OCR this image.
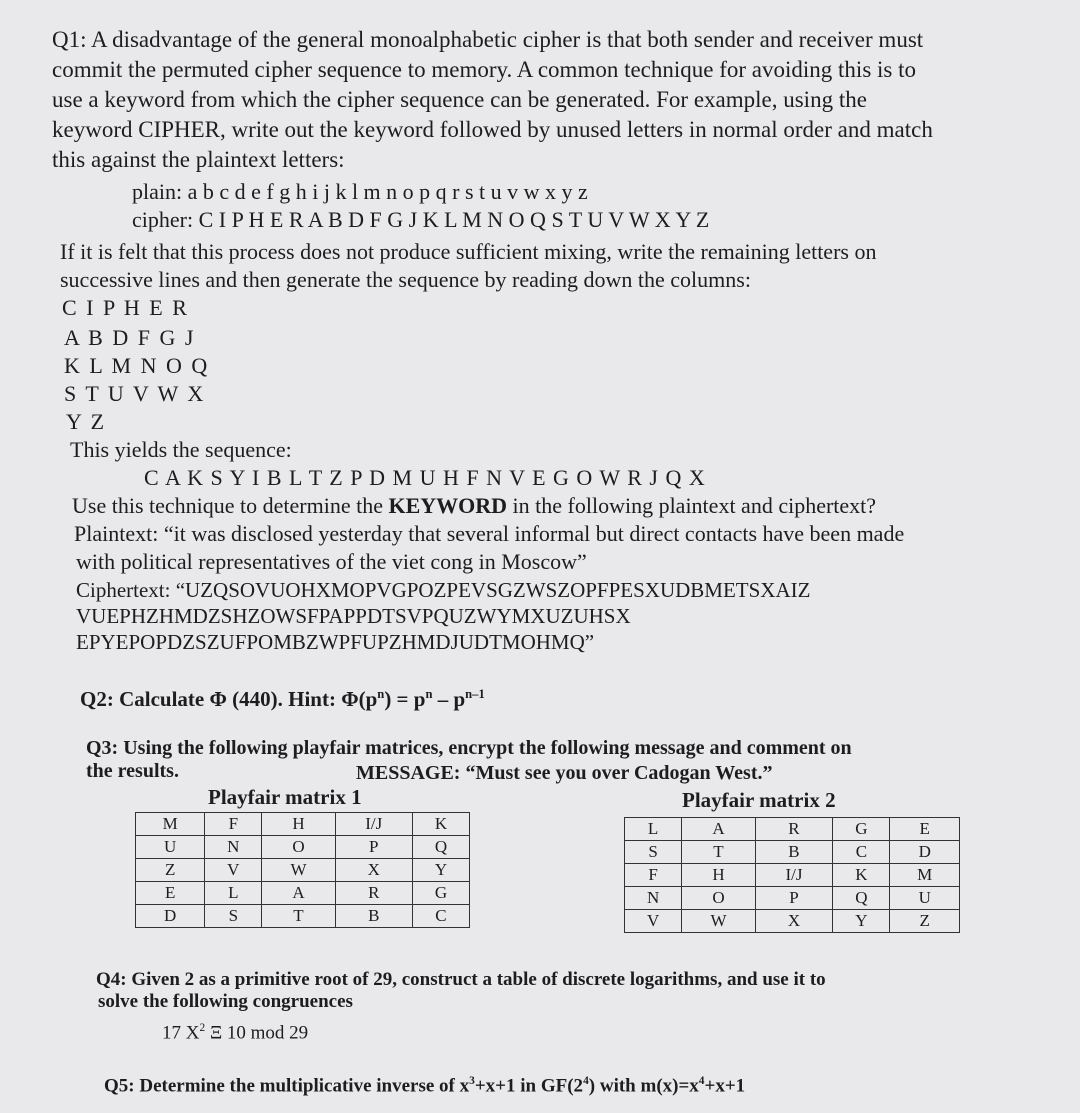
Q1: A disadvantage of the general monoalphabetic cipher is that both sender and receiver must
commit the permuted cipher sequence to memory. A common technique for avoiding this is to
use a keyword from which the cipher sequence can be generated. For example, using the
keyword CIPHER, write out the keyword followed by unused letters in normal order and match
this against the plaintext letters:
plain: a b c d e f g h i j k l m n o p q r s t u v w x y z
cipher: C I P H E R A B D F G J K L M N O Q S T U V W X Y Z
If it is felt that this process does not produce sufficient mixing, write the remaining letters on
successive lines and then generate the sequence by reading down the columns:
C I P H E R
A B D F G J
K L M N O Q
S T U V W X
Y Z
This yields the sequence:
C A K S Y I B L T Z P D M U H F N V E G O W R J Q X
Use this technique to determine the KEYWORD in the following plaintext and ciphertext?
Plaintext: “it was disclosed yesterday that several informal but direct contacts have been made
with political representatives of the viet cong in Moscow”
Ciphertext: “UZQSOVUOHXMOPVGPOZPEVSGZWSZOPFPESXUDBMETSXAIZ
VUEPHZHMDZSHZOWSFPAPPDTSVPQUZWYMXUZUHSX
EPYEPOPDZSZUFPOMBZWPFUPZHMDJUDTMOHMQ”
Q2: Calculate Φ (440). Hint: $\Phi(p^n) = p^n - p^{n-1}$
Q3: Using the following playfair matrices, encrypt the following message and comment on
the results.	MESSAGE: “Must see you over Cadogan West.”
Playfair matrix 1	Playfair matrix 2
M	F	H	I/J	K
U	N	O	P	Q
Z	V	W	X	Y
E	L	A	R	G
D	S	T	B	C
L	A	R	G	E
S	T	B	C	D
F	H	I/J	K	M
N	O	P	Q	U
V	W	X	Y	Z
Q4: Given 2 as a primitive root of 29, construct a table of discrete logarithms, and use it to
solve the following congruences
17 $X^2$ Ξ 10 mod 29
Q5: Determine the multiplicative inverse of $x^3+x+1$ in $GF(2^4)$ with $m(x)=x^4+x+1$
